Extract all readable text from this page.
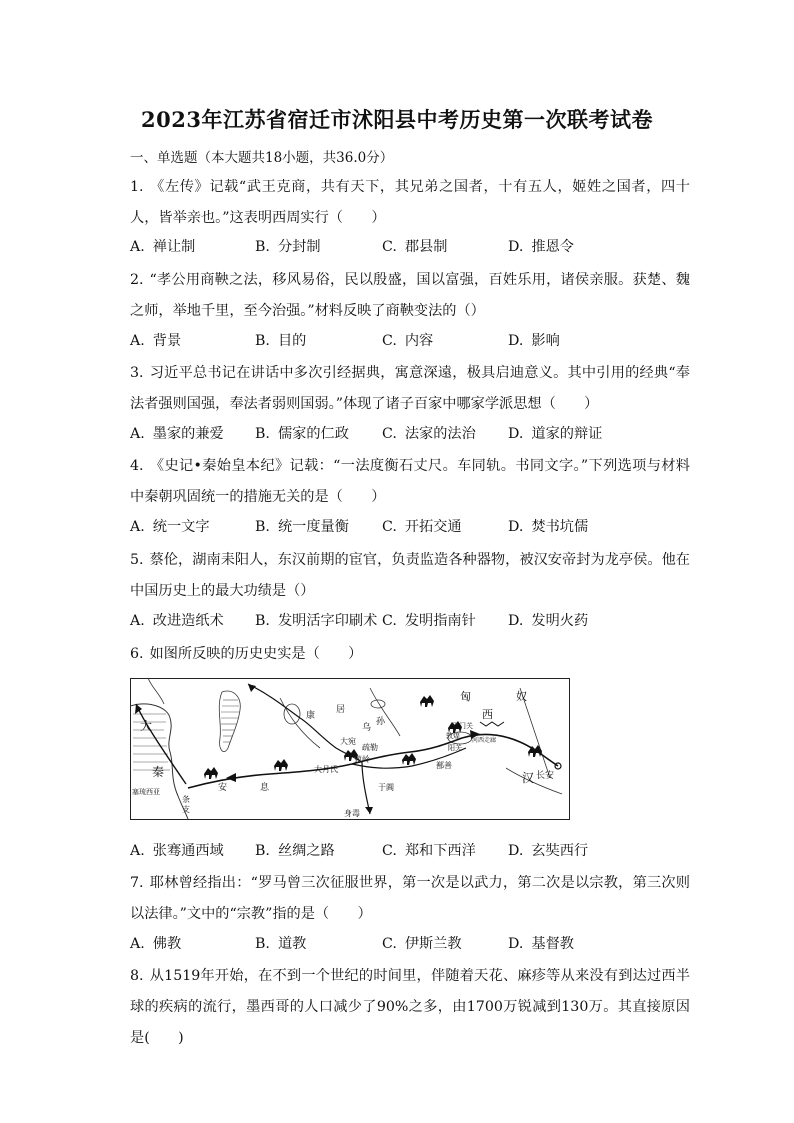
2023年江苏省宿迁市沭阳县中考历史第一次联考试卷

一、单选题（本大题共18小题，共36.0分）

1. 《左传》记载“武王克商，共有天下，其兄弟之国者，十有五人，姬姓之国者，四十人，皆举亲也。”这表明西周实行（　　）

A. 禅让制	B. 分封制	C. 郡县制	D. 推恩令

2. “孝公用商鞅之法，移风易俗，民以殷盛，国以富强，百姓乐用，诸侯亲服。获楚、魏之师，举地千里，至今治强。”材料反映了商鞅变法的（）

A. 背景	B. 目的	C. 内容	D. 影响

3. 习近平总书记在讲话中多次引经据典，寓意深遠，极具启迪意义。其中引用的经典“奉法者强则国强，奉法者弱则国弱。”体现了诸子百家中哪家学派思想（　　）

A. 墨家的兼爱 B. 儒家的仁政 C. 法家的法治 D. 道家的辩证

4. 《史记•秦始皇本纪》记载：“一法度衡石丈尺。车同轨。书同文字。”下列选项与材料中秦朝巩固统一的措施无关的是（　　）

A. 统一文字	B. 统一度量衡 C. 开拓交通	D. 焚书坑儒

5. 蔡伦，湖南耒阳人，东汉前期的宦官，负责监造各种器物，被汉安帝封为龙亭侯。他在中国历史上的最大功绩是（）

A. 改进造纸术 B. 发明活字印刷术 C. 发明指南针 D. 发明火药

6. 如图所反映的历史史实是（　　）

匈	奴
大
秦
康
居
乌
孙
大宛
疏勒
葱岭
玉门关
敦煌
阳关
河西走廊
西
鄯善
于阗
大月氏
安	息
塞琉西亚
条
支	身毒
汉 长安
A. 张骞通西域 B. 丝绸之路	C. 郑和下西洋 D. 玄奘西行

7. 耶林曾经指出：“罗马曾三次征服世界，第一次是以武力，第二次是以宗教，第三次则以法律。”文中的“宗教”指的是（　　）

A. 佛教	B. 道教	C. 伊斯兰教	D. 基督教

8. 从1519年开始，在不到一个世纪的时间里，伴随着天花、麻疹等从来没有到达过西半球的疾病的流行，墨西哥的人口减少了90%之多，由1700万锐减到130万。其直接原因是(　　)
